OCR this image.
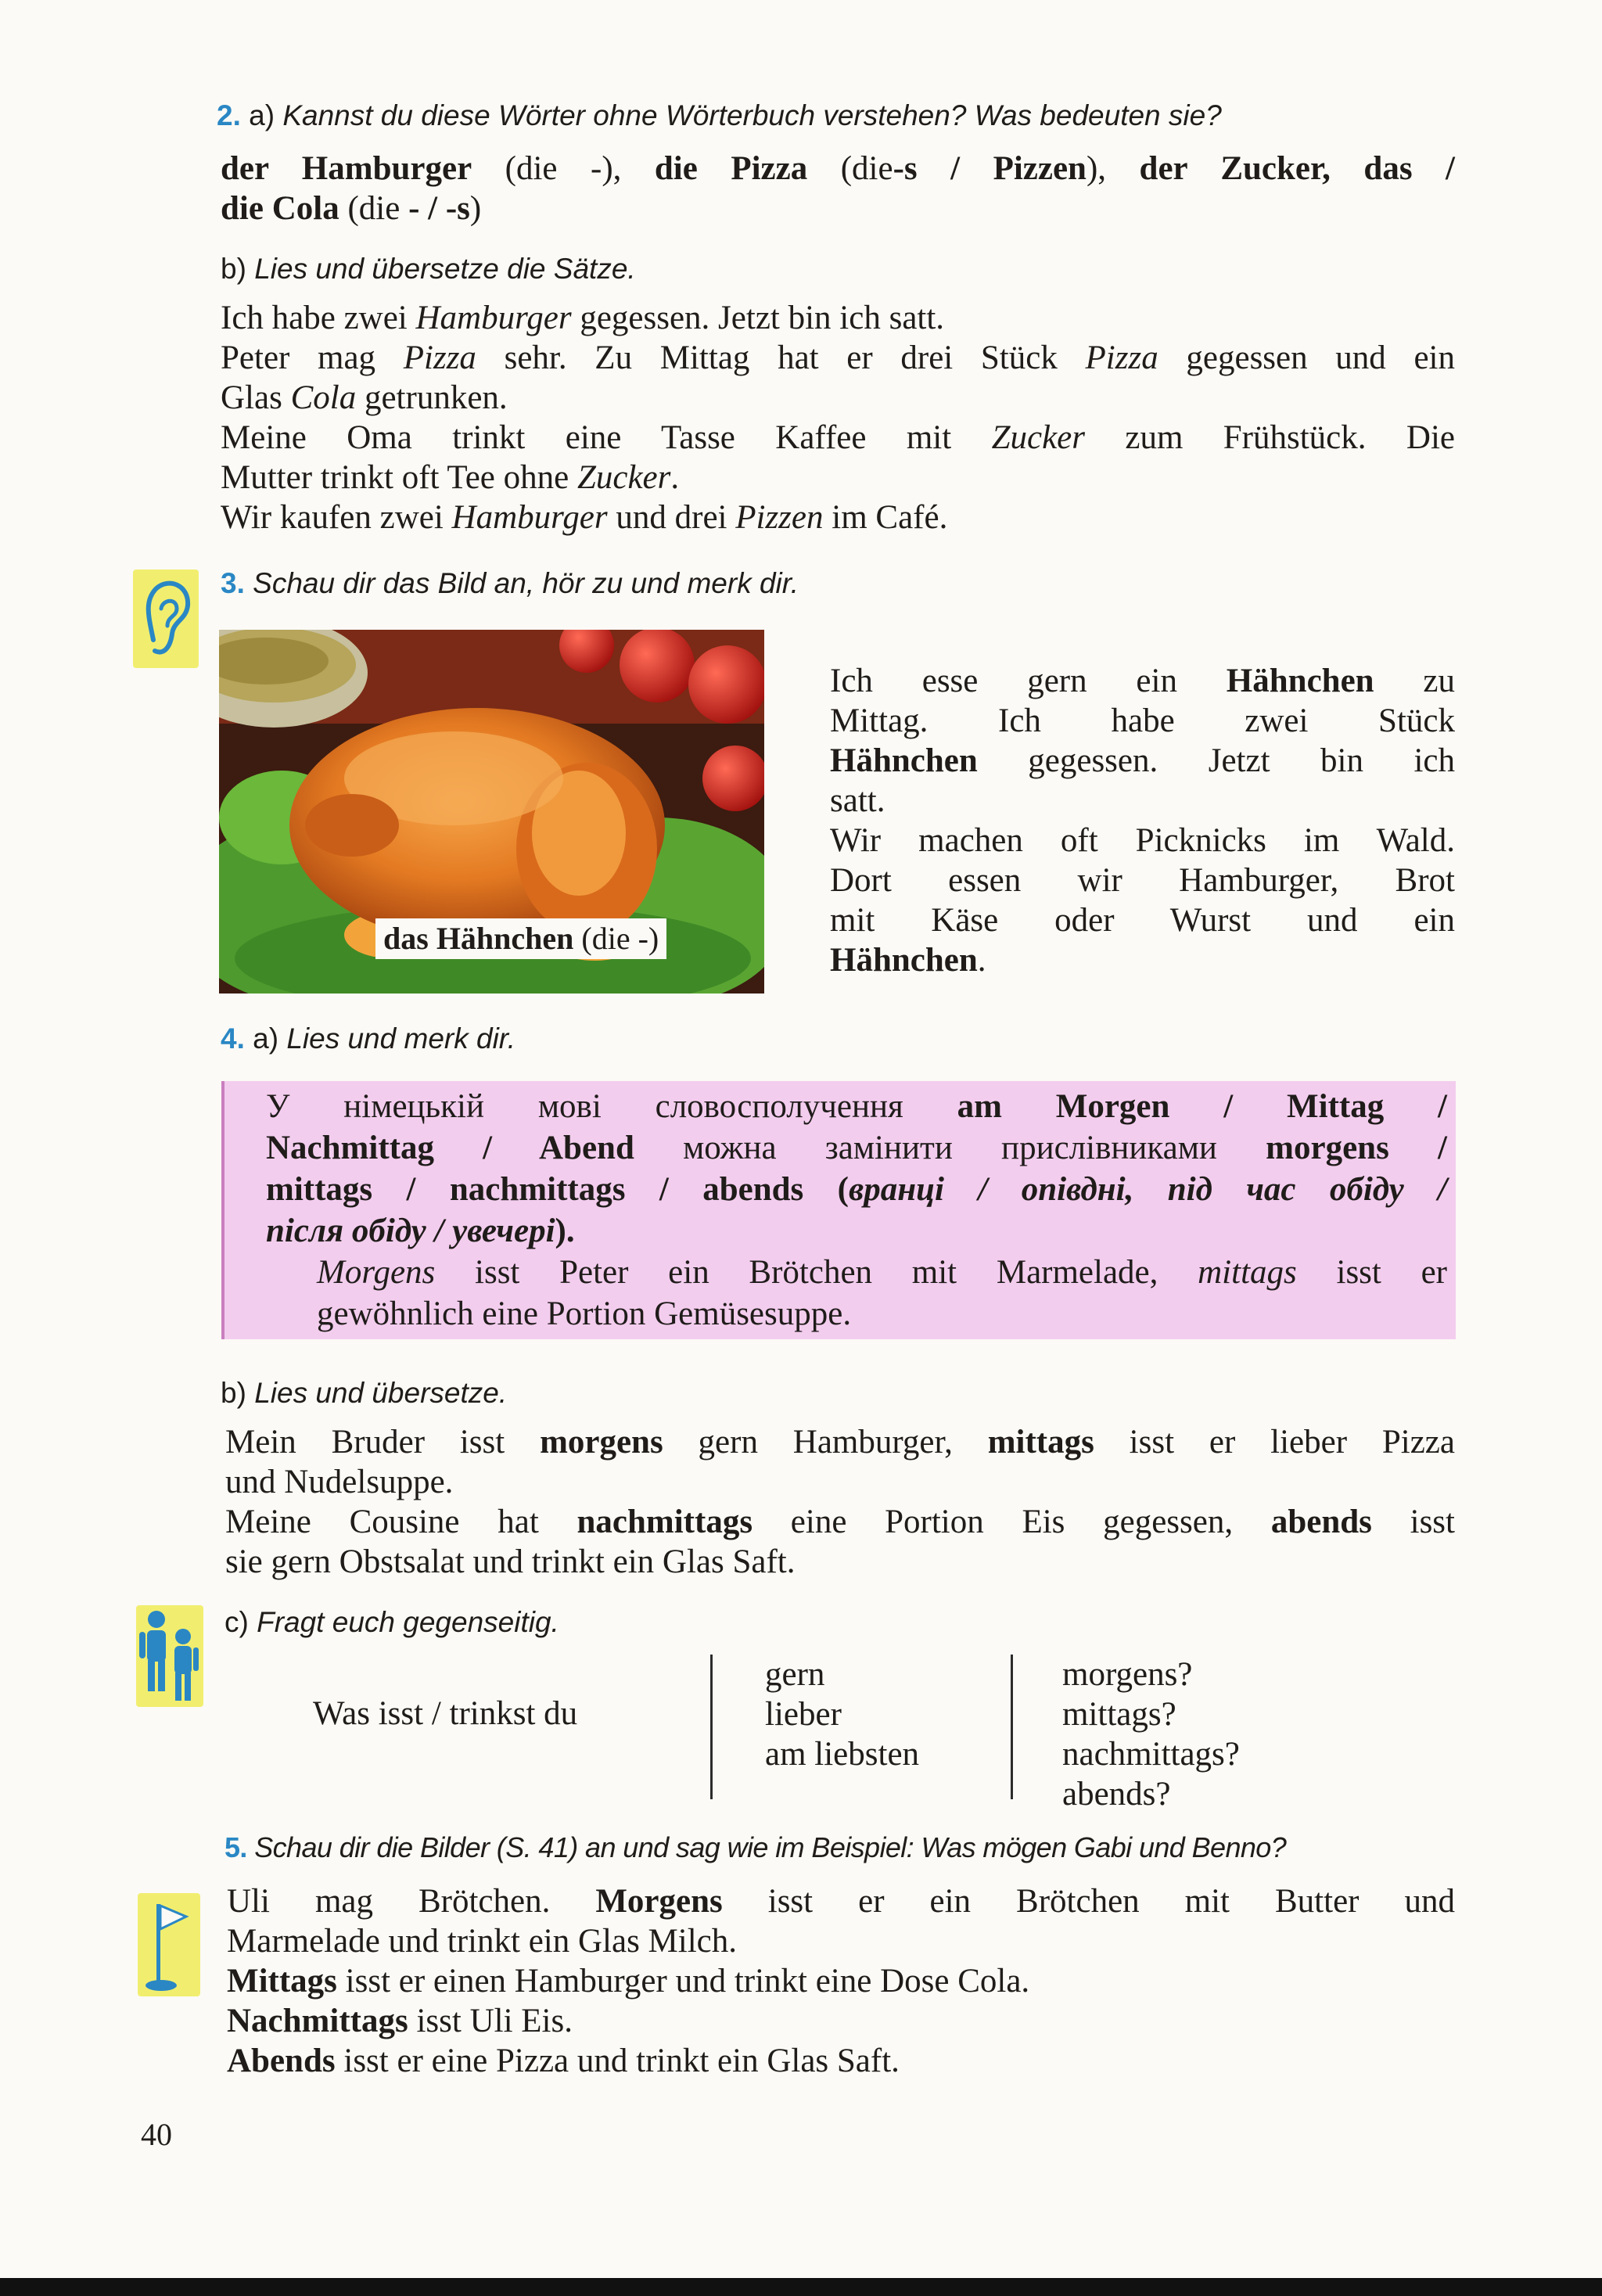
2. a) Kannst du diese Wörter ohne Wörterbuch verstehen? Was bedeuten sie?
der Hamburger (die -), die Pizza (die-s / Pizzen), der Zucker, das /
die Cola (die - / -s)
b) Lies und übersetze die Sätze.
Ich habe zwei Hamburger gegessen. Jetzt bin ich satt.
Peter mag Pizza sehr. Zu Mittag hat er drei Stück Pizza gegessen und ein
Glas Cola getrunken.
Meine Oma trinkt eine Tasse Kaffee mit Zucker zum Frühstück. Die
Mutter trinkt oft Tee ohne Zucker.
Wir kaufen zwei Hamburger und drei Pizzen im Café.
3. Schau dir das Bild an, hör zu und merk dir.
das Hähnchen (die -)
Ich esse gern ein Hähnchen zu
Mittag. Ich habe zwei Stück
Hähnchen gegessen. Jetzt bin ich
satt.
Wir machen oft Picknicks im Wald.
Dort essen wir Hamburger, Brot
mit Käse oder Wurst und ein
Hähnchen.
4. a) Lies und merk dir.
У німецькій мові словосполучення am Morgen / Mittag /
Nachmittag / Abend можна замінити прислівниками morgens /
mittags / nachmittags / abends (вранці / опівдні, під час обіду /
після обіду / увечері).
Morgens isst Peter ein Brötchen mit Marmelade, mittags isst er
gewöhnlich eine Portion Gemüsesuppe.
b) Lies und übersetze.
Mein Bruder isst morgens gern Hamburger, mittags isst er lieber Pizza
und Nudelsuppe.
Meine Cousine hat nachmittags eine Portion Eis gegessen, abends isst
sie gern Obstsalat und trinkt ein Glas Saft.
c) Fragt euch gegenseitig.
Was isst / trinkst du
gern
lieber
am liebsten
morgens?
mittags?
nachmittags?
abends?
5. Schau dir die Bilder (S. 41) an und sag wie im Beispiel: Was mögen Gabi und Benno?
Uli mag Brötchen. Morgens isst er ein Brötchen mit Butter und
Marmelade und trinkt ein Glas Milch.
Mittags isst er einen Hamburger und trinkt eine Dose Cola.
Nachmittags isst Uli Eis.
Abends isst er eine Pizza und trinkt ein Glas Saft.
40
